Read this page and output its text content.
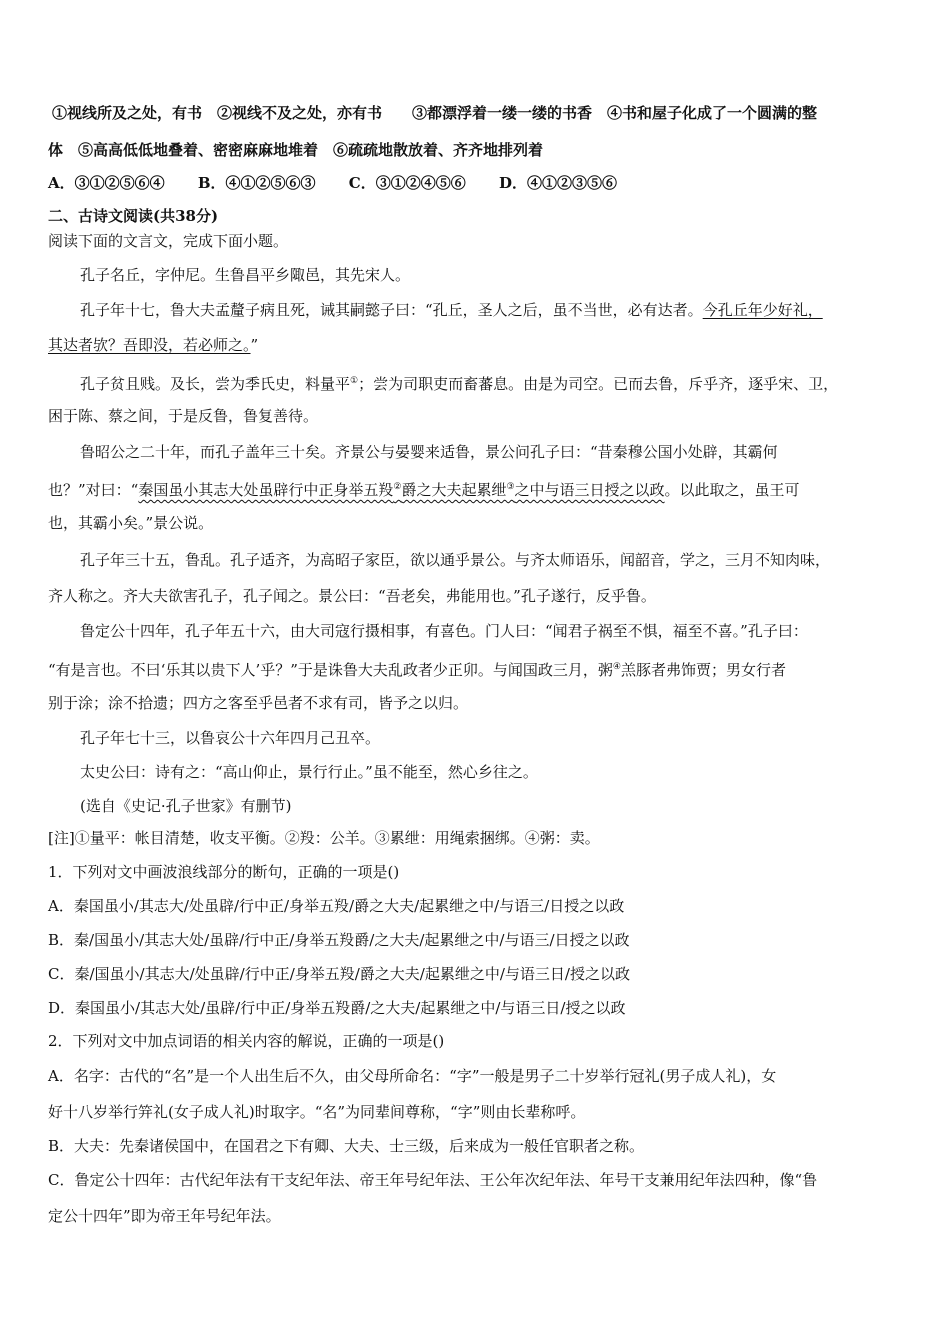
①视线所及之处，有书　②视线不及之处，亦有书　　③都漂浮着一缕一缕的书香　④书和屋子化成了一个圆满的整
体　⑤高高低低地叠着、密密麻麻地堆着　⑥疏疏地散放着、齐齐地排列着
A．③①②⑤⑥④ B．④①②⑤⑥③ C．③①②④⑤⑥ D．④①②③⑤⑥
二、古诗文阅读(共38分)
阅读下面的文言文，完成下面小题。
孔子名丘，字仲尼。生鲁昌平乡陬邑，其先宋人。
孔子年十七，鲁大夫孟釐子病且死，诫其嗣懿子曰：“孔丘，圣人之后，虽不当世，必有达者。今孔丘年少好礼，
其达者欤？吾即没，若必师之。”
孔子贫且贱。及长，尝为季氏史，料量平①；尝为司职吏而畜蕃息。由是为司空。已而去鲁，斥乎齐，逐乎宋、卫，
困于陈、蔡之间，于是反鲁，鲁复善待。
鲁昭公之二十年，而孔子盖年三十矣。齐景公与晏婴来适鲁，景公问孔子曰：“昔秦穆公国小处辟，其霸何
也？”对曰：“秦国虽小其志大处虽辟行中正身举五羖②爵之大夫起累绁③之中与语三日授之以政。以此取之，虽王可
也，其霸小矣。”景公说。
孔子年三十五，鲁乱。孔子适齐，为高昭子家臣，欲以通乎景公。与齐太师语乐，闻韶音，学之，三月不知肉味，
齐人称之。齐大夫欲害孔子，孔子闻之。景公曰：“吾老矣，弗能用也。”孔子遂行，反乎鲁。
鲁定公十四年，孔子年五十六，由大司寇行摄相事，有喜色。门人曰：“闻君子祸至不惧，福至不喜。”孔子曰：
“有是言也。不曰‘乐其以贵下人’乎？”于是诛鲁大夫乱政者少正卯。与闻国政三月，粥④羔豚者弗饰贾；男女行者
别于涂；涂不拾遗；四方之客至乎邑者不求有司，皆予之以归。
孔子年七十三，以鲁哀公十六年四月己丑卒。
太史公曰：诗有之：“高山仰止，景行行止。”虽不能至，然心乡往之。
(选自《史记·孔子世家》有删节)
[注]①量平：帐目清楚，收支平衡。②羖：公羊。③累绁：用绳索捆绑。④粥：卖。
1．下列对文中画波浪线部分的断句，正确的一项是()
A．秦国虽小/其志大/处虽辟/行中正/身举五羖/爵之大夫/起累绁之中/与语三/日授之以政
B．秦/国虽小/其志大处/虽辟/行中正/身举五羖爵/之大夫/起累绁之中/与语三/日授之以政
C．秦/国虽小/其志大/处虽辟/行中正/身举五羖/爵之大夫/起累绁之中/与语三日/授之以政
D．秦国虽小/其志大处/虽辟/行中正/身举五羖爵/之大夫/起累绁之中/与语三日/授之以政
2．下列对文中加点词语的相关内容的解说，正确的一项是()
A．名字：古代的“名”是一个人出生后不久，由父母所命名：“字”一般是男子二十岁举行冠礼(男子成人礼)，女
好十八岁举行笄礼(女子成人礼)时取字。“名”为同辈间尊称，“字”则由长辈称呼。
B．大夫：先秦诸侯国中，在国君之下有卿、大夫、士三级，后来成为一般任官职者之称。
C．鲁定公十四年：古代纪年法有干支纪年法、帝王年号纪年法、王公年次纪年法、年号干支兼用纪年法四种，像“鲁
定公十四年”即为帝王年号纪年法。
